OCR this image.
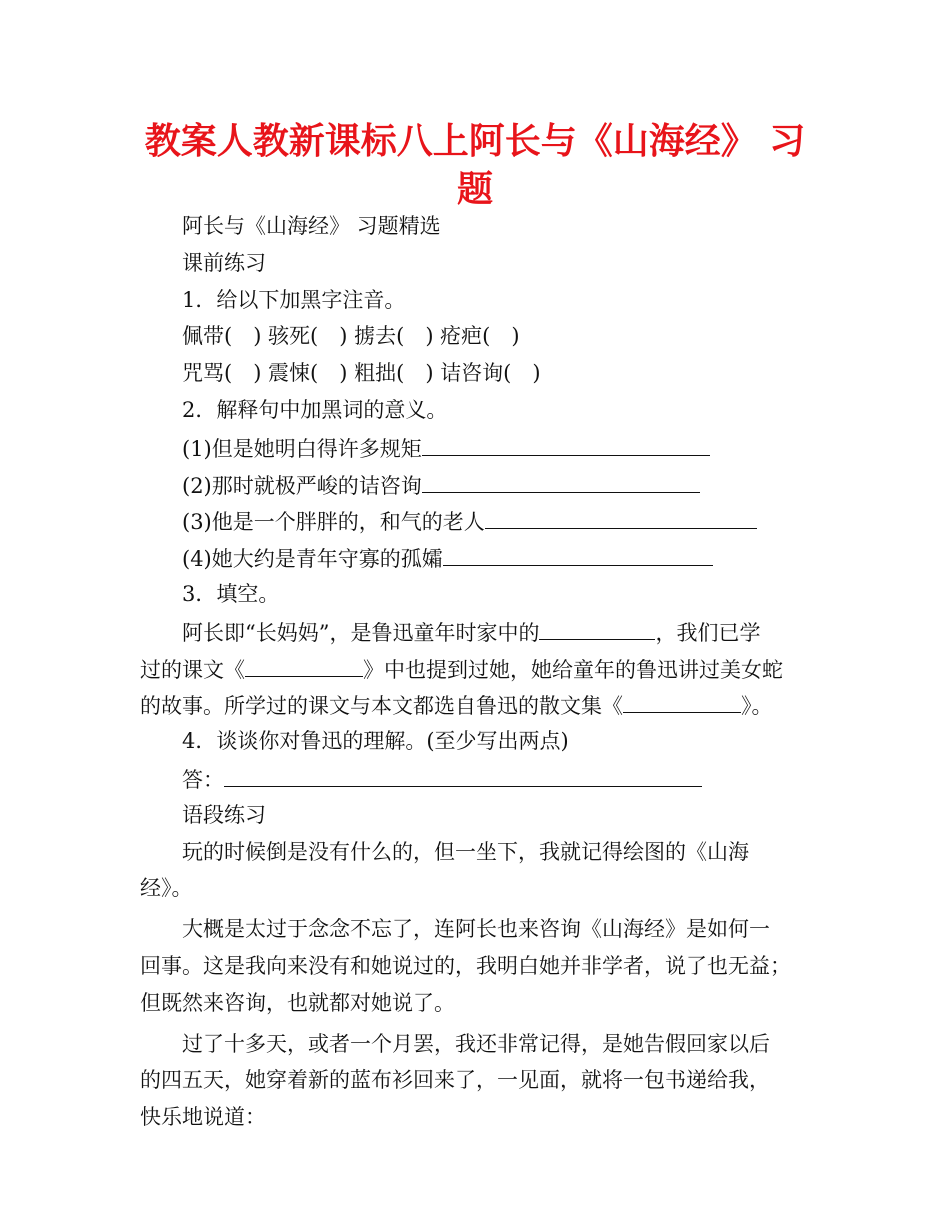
教案人教新课标八上阿长与《山海经》 习题
阿长与《山海经》 习题精选
课前练习
1．给以下加黑字注音。
佩带(　) 骇死(　) 掳去(　) 疮疤(　)
咒骂(　) 震悚(　) 粗拙(　) 诘咨询(　)
2．解释句中加黑词的意义。
(1)但是她明白得许多规矩
(2)那时就极严峻的诘咨询
(3)他是一个胖胖的，和气的老人
(4)她大约是青年守寡的孤孀
3．填空。
阿长即“长妈妈”，是鲁迅童年时家中的	，我们已学
过的课文《	》中也提到过她，她给童年的鲁迅讲过美女蛇
的故事。所学过的课文与本文都选自鲁迅的散文集《	》。
4．谈谈你对鲁迅的理解。(至少写出两点)
答：
语段练习
玩的时候倒是没有什么的，但一坐下，我就记得绘图的《山海
经》。
大概是太过于念念不忘了，连阿长也来咨询《山海经》是如何一
回事。这是我向来没有和她说过的，我明白她并非学者，说了也无益；
但既然来咨询，也就都对她说了。
过了十多天，或者一个月罢，我还非常记得，是她告假回家以后
的四五天，她穿着新的蓝布衫回来了，一见面，就将一包书递给我，
快乐地说道：
